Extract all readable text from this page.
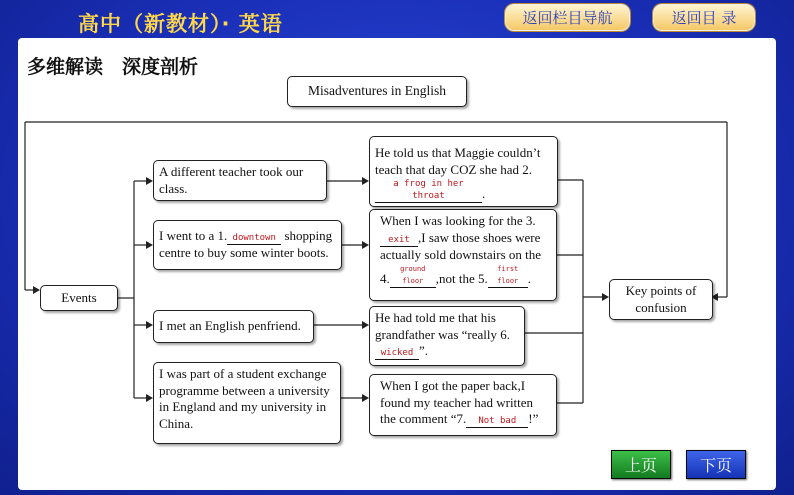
高中（新教材）· 英语	返回栏目导航	返回目 录
多维解读　深度剖析
Misadventures in English
Events
A different teacher took our class.
I went to a 1. downtown shopping centre to buy some winter boots.
I met an English penfriend.
I was part of a student exchange programme between a university in England and my university in China.
He told us that Maggie couldn’t teach that day COZ she had 2.a frog in her throat	.
When I was looking for the 3.exit ,I saw those shoes were actually sold downstairs on the 4.ground floor ,not the 5.first floor .
He had told me that his grandfather was “really 6.wicked ”.
When I got the paper back,I found my teacher had written the comment “7. Not bad !”
Key points of confusion
上页	下页
